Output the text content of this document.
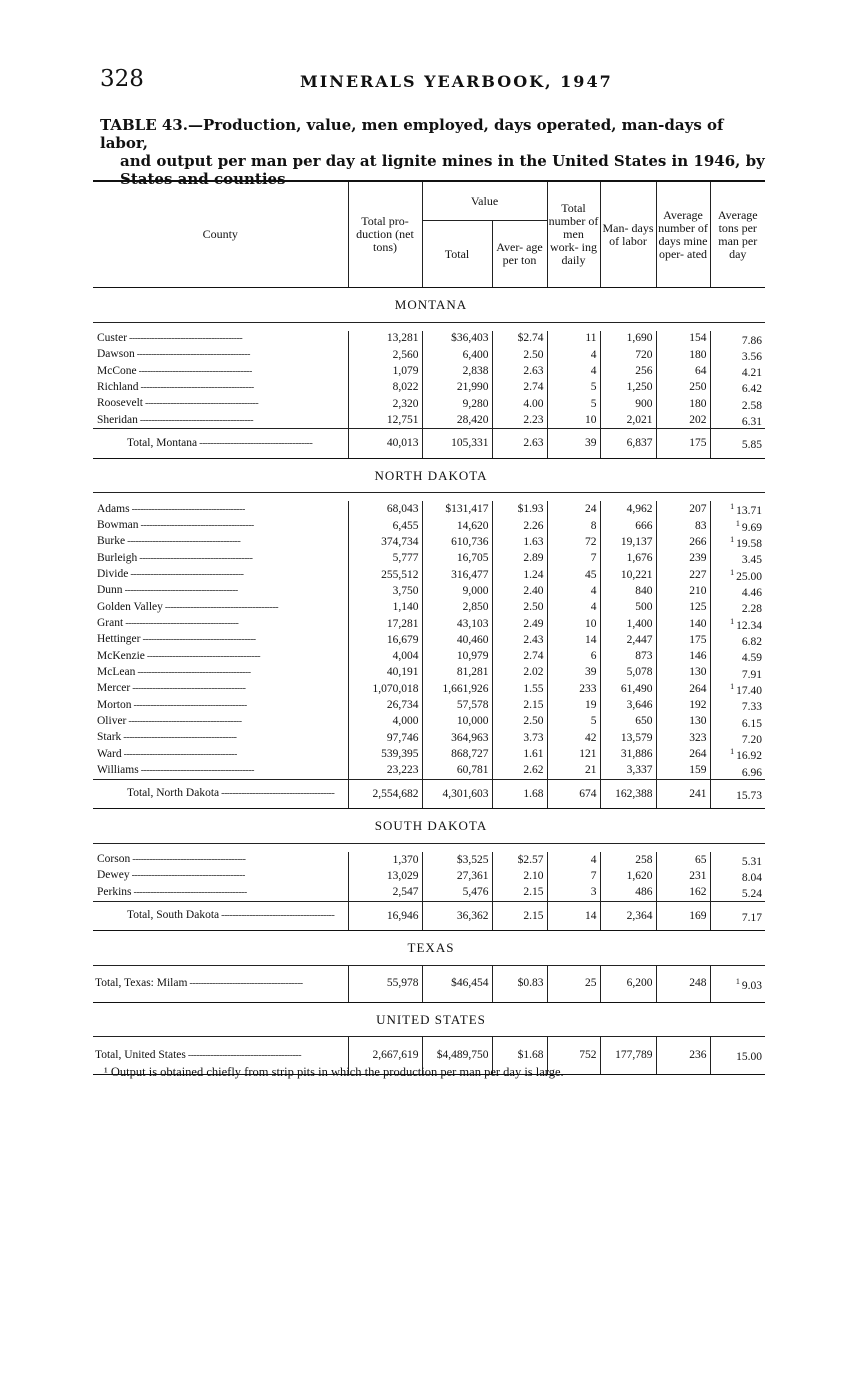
328	MINERALS YEARBOOK, 1947
TABLE 43.—Production, value, men employed, days operated, man-days of labor,
and output per man per day at lignite mines in the United States in 1946, by
States and counties
County	Total pro- duction (net tons)	Value		Total number of men work- ing daily	Man- days of labor	Average number of days mine oper- ated	Average tons per man per day
		Total	Aver- age per ton				
MONTANA							

Custer ----------------------------------------	13,281	$36,403	$2.74	11	1,690	154	7.86
Dawson ----------------------------------------	2,560	6,400	2.50	4	720	180	3.56
McCone ----------------------------------------	1,079	2,838	2.63	4	256	64	4.21
Richland ----------------------------------------	8,022	21,990	2.74	5	1,250	250	6.42
Roosevelt ----------------------------------------	2,320	9,280	4.00	5	900	180	2.58
Sheridan ----------------------------------------	12,751	28,420	2.23	10	2,021	202	6.31
Total, Montana ----------------------------------------	40,013	105,331	2.63	39	6,837	175	5.85
NORTH DAKOTA							

Adams ----------------------------------------	68,043	$131,417	$1.93	24	4,962	207	$^1$ 13.71
Bowman ----------------------------------------	6,455	14,620	2.26	8	666	83	$^1$ 9.69
Burke ----------------------------------------	374,734	610,736	1.63	72	19,137	266	$^1$ 19.58
Burleigh ----------------------------------------	5,777	16,705	2.89	7	1,676	239	3.45
Divide ----------------------------------------	255,512	316,477	1.24	45	10,221	227	$^1$ 25.00
Dunn ----------------------------------------	3,750	9,000	2.40	4	840	210	4.46
Golden Valley ----------------------------------------	1,140	2,850	2.50	4	500	125	2.28
Grant ----------------------------------------	17,281	43,103	2.49	10	1,400	140	$^1$ 12.34
Hettinger ----------------------------------------	16,679	40,460	2.43	14	2,447	175	6.82
McKenzie ----------------------------------------	4,004	10,979	2.74	6	873	146	4.59
McLean ----------------------------------------	40,191	81,281	2.02	39	5,078	130	7.91
Mercer ----------------------------------------	1,070,018	1,661,926	1.55	233	61,490	264	$^1$ 17.40
Morton ----------------------------------------	26,734	57,578	2.15	19	3,646	192	7.33
Oliver ----------------------------------------	4,000	10,000	2.50	5	650	130	6.15
Stark ----------------------------------------	97,746	364,963	3.73	42	13,579	323	7.20
Ward ----------------------------------------	539,395	868,727	1.61	121	31,886	264	$^1$ 16.92
Williams ----------------------------------------	23,223	60,781	2.62	21	3,337	159	6.96
Total, North Dakota ----------------------------------------	2,554,682	4,301,603	1.68	674	162,388	241	15.73
SOUTH DAKOTA							

Corson ----------------------------------------	1,370	$3,525	$2.57	4	258	65	5.31
Dewey ----------------------------------------	13,029	27,361	2.10	7	1,620	231	8.04
Perkins ----------------------------------------	2,547	5,476	2.15	3	486	162	5.24
Total, South Dakota ----------------------------------------	16,946	36,362	2.15	14	2,364	169	7.17
TEXAS							
Total, Texas: Milam ----------------------------------------	55,978	$46,454	$0.83	25	6,200	248	$^1$ 9.03
UNITED STATES							
Total, United States ----------------------------------------	2,667,619	$4,489,750	$1.68	752	177,789	236	15.00
¹ Output is obtained chiefly from strip pits in which the production per man per day is large.
